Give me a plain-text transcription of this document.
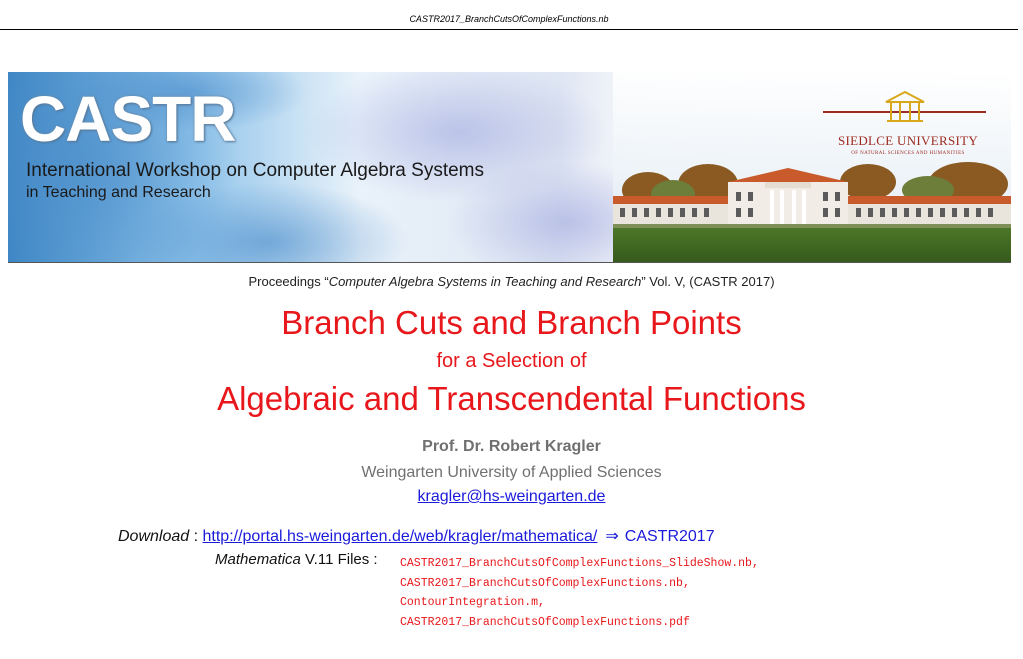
CASTR2017_BranchCutsOfComplexFunctions.nb
CASTR
International Workshop on Computer Algebra Systems
in Teaching and Research
SIEDLCE UNIVERSITY
OF NATURAL SCIENCES AND HUMANITIES
Proceedings “Computer Algebra Systems in Teaching and Research” Vol. V, (CASTR 2017)
Branch Cuts and Branch Points
for a Selection of
Algebraic and Transcendental Functions
Prof. Dr. Robert Kragler
Weingarten University of Applied Sciences
kragler@hs-weingarten.de
Download : http://portal.hs-weingarten.de/web/kragler/mathematica/ ⇒ CASTR2017
Mathematica V.11 Files : CASTR2017_BranchCutsOfComplexFunctions_SlideShow.nb,
CASTR2017_BranchCutsOfComplexFunctions.nb,
ContourIntegration.m,
CASTR2017_BranchCutsOfComplexFunctions.pdf
